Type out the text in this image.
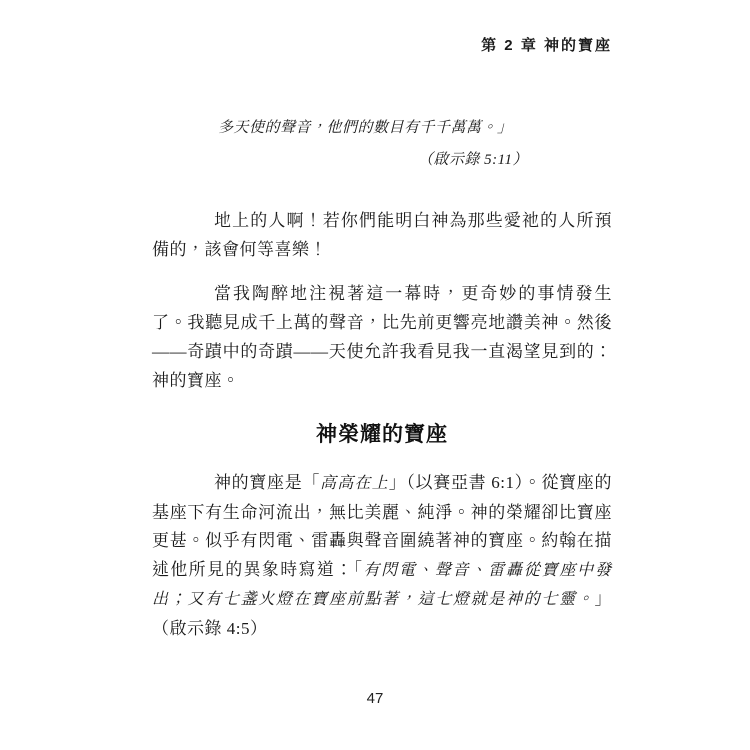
第 2 章 神的寶座
多天使的聲音，他們的數目有千千萬萬。」
（啟示錄 5:11）

地上的人啊！若你們能明白神為那些愛祂的人所預備的，該會何等喜樂！

當我陶醉地注視著這一幕時，更奇妙的事情發生了。我聽見成千上萬的聲音，比先前更響亮地讚美神。然後——奇蹟中的奇蹟——天使允許我看見我一直渴望見到的：神的寶座。

神榮耀的寶座

神的寶座是「高高在上」（以賽亞書 6:1）。從寶座的基座下有生命河流出，無比美麗、純淨。神的榮耀卻比寶座更甚。似乎有閃電、雷轟與聲音圍繞著神的寶座。約翰在描述他所見的異象時寫道：「有閃電、聲音、雷轟從寶座中發出；又有七盞火燈在寶座前點著，這七燈就是神的七靈。」（啟示錄 4:5）

47
